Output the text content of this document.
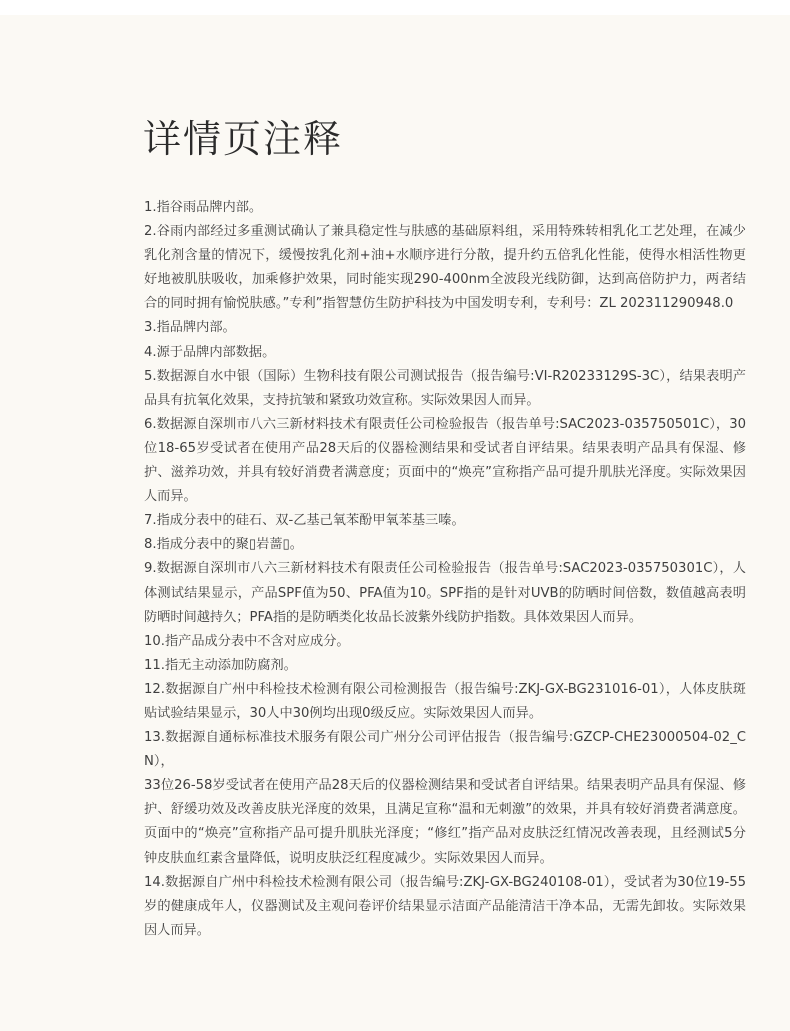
详情页注释
1.指谷雨品牌内部。
2.谷雨内部经过多重测试确认了兼具稳定性与肤感的基础原料组，采用特殊转相乳化工艺处理，在减少乳化剂含量的情况下，缓慢按乳化剂+油+水顺序进行分散，提升约五倍乳化性能，使得水相活性物更好地被肌肤吸收，加乘修护效果，同时能实现290-400nm全波段光线防御，达到高倍防护力，两者结合的同时拥有愉悦肤感。”专利”指智慧仿生防护科技为中国发明专利，专利号：ZL 202311290948.0
3.指品牌内部。
4.源于品牌内部数据。
5.数据源自水中银（国际）生物科技有限公司测试报告（报告编号:VI-R20233129S-3C），结果表明产品具有抗氧化效果，支持抗皱和紧致功效宣称。实际效果因人而异。
6.数据源自深圳市八六三新材料技术有限责任公司检验报告（报告单号:SAC2023-035750501C），30位18-65岁受试者在使用产品28天后的仪器检测结果和受试者自评结果。结果表明产品具有保湿、修护、滋养功效，并具有较好消费者满意度；页面中的“焕亮”宣称指产品可提升肌肤光泽度。实际效果因人而异。
7.指成分表中的硅石、双-乙基己氧苯酚甲氧苯基三嗪。
8.指成分表中的聚▯岩蔷▯。
9.数据源自深圳市八六三新材料技术有限责任公司检验报告（报告单号:SAC2023-035750301C），人体测试结果显示，产品SPF值为50、PFA值为10。SPF指的是针对UVB的防晒时间倍数，数值越高表明防晒时间越持久；PFA指的是防晒类化妆品长波紫外线防护指数。具体效果因人而异。
10.指产品成分表中不含对应成分。
11.指无主动添加防腐剂。
12.数据源自广州中科检技术检测有限公司检测报告（报告编号:ZKJ-GX-BG231016-01），人体皮肤斑贴试验结果显示，30人中30例均出现0级反应。实际效果因人而异。
13.数据源自通标标准技术服务有限公司广州分公司评估报告（报告编号:GZCP-CHE23000504-02_CN），
33位26-58岁受试者在使用产品28天后的仪器检测结果和受试者自评结果。结果表明产品具有保湿、修护、舒缓功效及改善皮肤光泽度的效果，且满足宣称“温和无刺激”的效果，并具有较好消费者满意度。页面中的“焕亮”宣称指产品可提升肌肤光泽度；“修红”指产品对皮肤泛红情况改善表现，且经测试5分钟皮肤血红素含量降低，说明皮肤泛红程度减少。实际效果因人而异。
14.数据源自广州中科检技术检测有限公司（报告编号:ZKJ-GX-BG240108-01），受试者为30位19-55岁的健康成年人，仪器测试及主观问卷评价结果显示洁面产品能清洁干净本品，无需先卸妆。实际效果因人而异。
